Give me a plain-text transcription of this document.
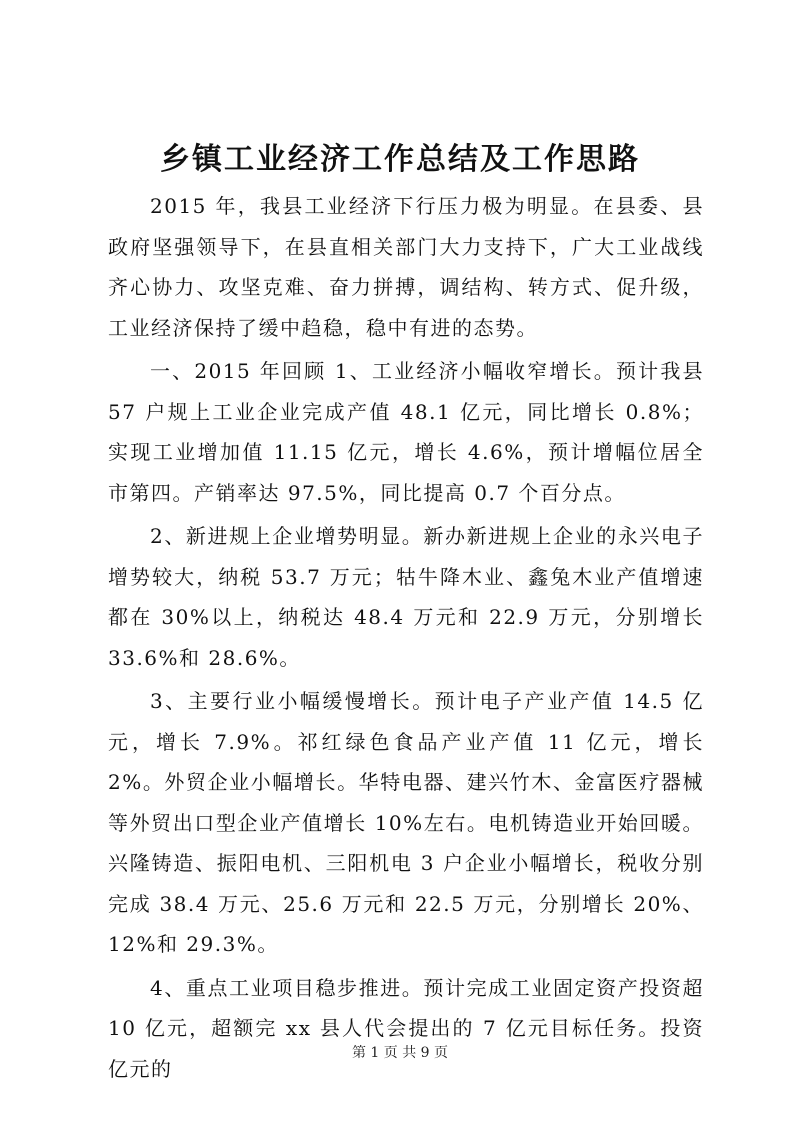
乡镇工业经济工作总结及工作思路

2015 年，我县工业经济下行压力极为明显。在县委、县政府坚强领导下，在县直相关部门大力支持下，广大工业战线齐心协力、攻坚克难、奋力拼搏，调结构、转方式、促升级，工业经济保持了缓中趋稳，稳中有进的态势。

一、2015 年回顾 1、工业经济小幅收窄增长。预计我县 57 户规上工业企业完成产值 48.1 亿元，同比增长 0.8%；实现工业增加值 11.15 亿元，增长 4.6%，预计增幅位居全市第四。产销率达 97.5%，同比提高 0.7 个百分点。

2、新进规上企业增势明显。新办新进规上企业的永兴电子增势较大，纳税 53.7 万元；牯牛降木业、鑫兔木业产值增速都在 30%以上，纳税达 48.4 万元和 22.9 万元，分别增长 33.6%和 28.6%。

3、主要行业小幅缓慢增长。预计电子产业产值 14.5 亿元，增长 7.9%。祁红绿色食品产业产值 11 亿元，增长 2%。外贸企业小幅增长。华特电器、建兴竹木、金富医疗器械等外贸出口型企业产值增长 10%左右。电机铸造业开始回暖。兴隆铸造、振阳电机、三阳机电 3 户企业小幅增长，税收分别完成 38.4 万元、25.6 万元和 22.5 万元，分别增长 20%、12%和 29.3%。

4、重点工业项目稳步推进。预计完成工业固定资产投资超 10 亿元，超额完 xx 县人代会提出的 7 亿元目标任务。投资亿元的

第 1 页 共 9 页
